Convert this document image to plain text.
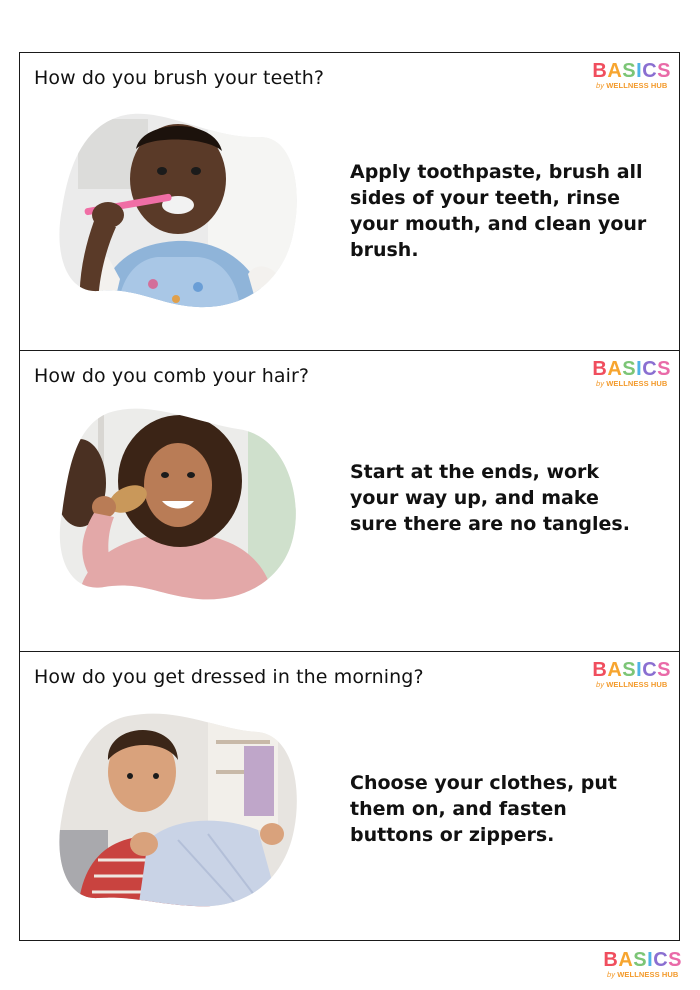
How do you brush your teeth?	BASICS
by WELLNESS HUB
Apply toothpaste, brush all sides of your teeth, rinse your mouth, and clean your brush.
How do you comb your hair?	BASICS
by WELLNESS HUB
Start at the ends, work your way up, and make sure there are no tangles.
How do you get dressed in the morning?	BASICS
by WELLNESS HUB
Choose your clothes, put them on, and fasten buttons or zippers.
BASICS
by WELLNESS HUB
